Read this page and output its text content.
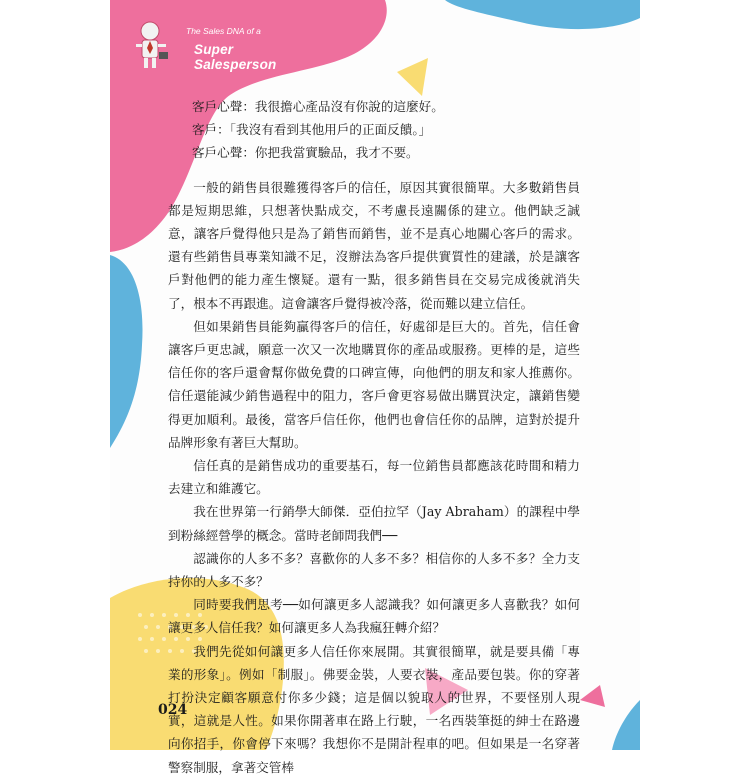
The Sales DNA of a
Super Salesperson

客戶心聲：我很擔心產品沒有你說的這麼好。

客戶：「我沒有看到其他用戶的正面反饋。」

客戶心聲：你把我當實驗品，我才不要。

一般的銷售員很難獲得客戶的信任，原因其實很簡單。大多數銷售員都是短期思維，只想著快點成交，不考慮長遠關係的建立。他們缺乏誠意，讓客戶覺得他只是為了銷售而銷售，並不是真心地關心客戶的需求。還有些銷售員專業知識不足，沒辦法為客戶提供實質性的建議，於是讓客戶對他們的能力產生懷疑。還有一點，很多銷售員在交易完成後就消失了，根本不再跟進。這會讓客戶覺得被冷落，從而難以建立信任。

但如果銷售員能夠贏得客戶的信任，好處卻是巨大的。首先，信任會讓客戶更忠誠，願意一次又一次地購買你的產品或服務。更棒的是，這些信任你的客戶還會幫你做免費的口碑宣傳，向他們的朋友和家人推薦你。信任還能減少銷售過程中的阻力，客戶會更容易做出購買決定，讓銷售變得更加順利。最後，當客戶信任你，他們也會信任你的品牌，這對於提升品牌形象有著巨大幫助。

信任真的是銷售成功的重要基石，每一位銷售員都應該花時間和精力去建立和維護它。

我在世界第一行銷學大師傑．亞伯拉罕（Jay Abraham）的課程中學到粉絲經營學的概念。當時老師問我們──

認識你的人多不多？喜歡你的人多不多？相信你的人多不多？全力支持你的人多不多？

同時要我們思考──如何讓更多人認識我？如何讓更多人喜歡我？如何讓更多人信任我？如何讓更多人為我瘋狂轉介紹？

我們先從如何讓更多人信任你來展開。其實很簡單，就是要具備「專業的形象」。例如「制服」。佛要金裝，人要衣裝，產品要包裝。你的穿著打扮決定顧客願意付你多少錢；這是個以貌取人的世界，不要怪別人現實，這就是人性。如果你開著車在路上行駛，一名西裝筆挺的紳士在路邊向你招手，你會停下來嗎？我想你不是開計程車的吧。但如果是一名穿著警察制服，拿著交管棒

024
